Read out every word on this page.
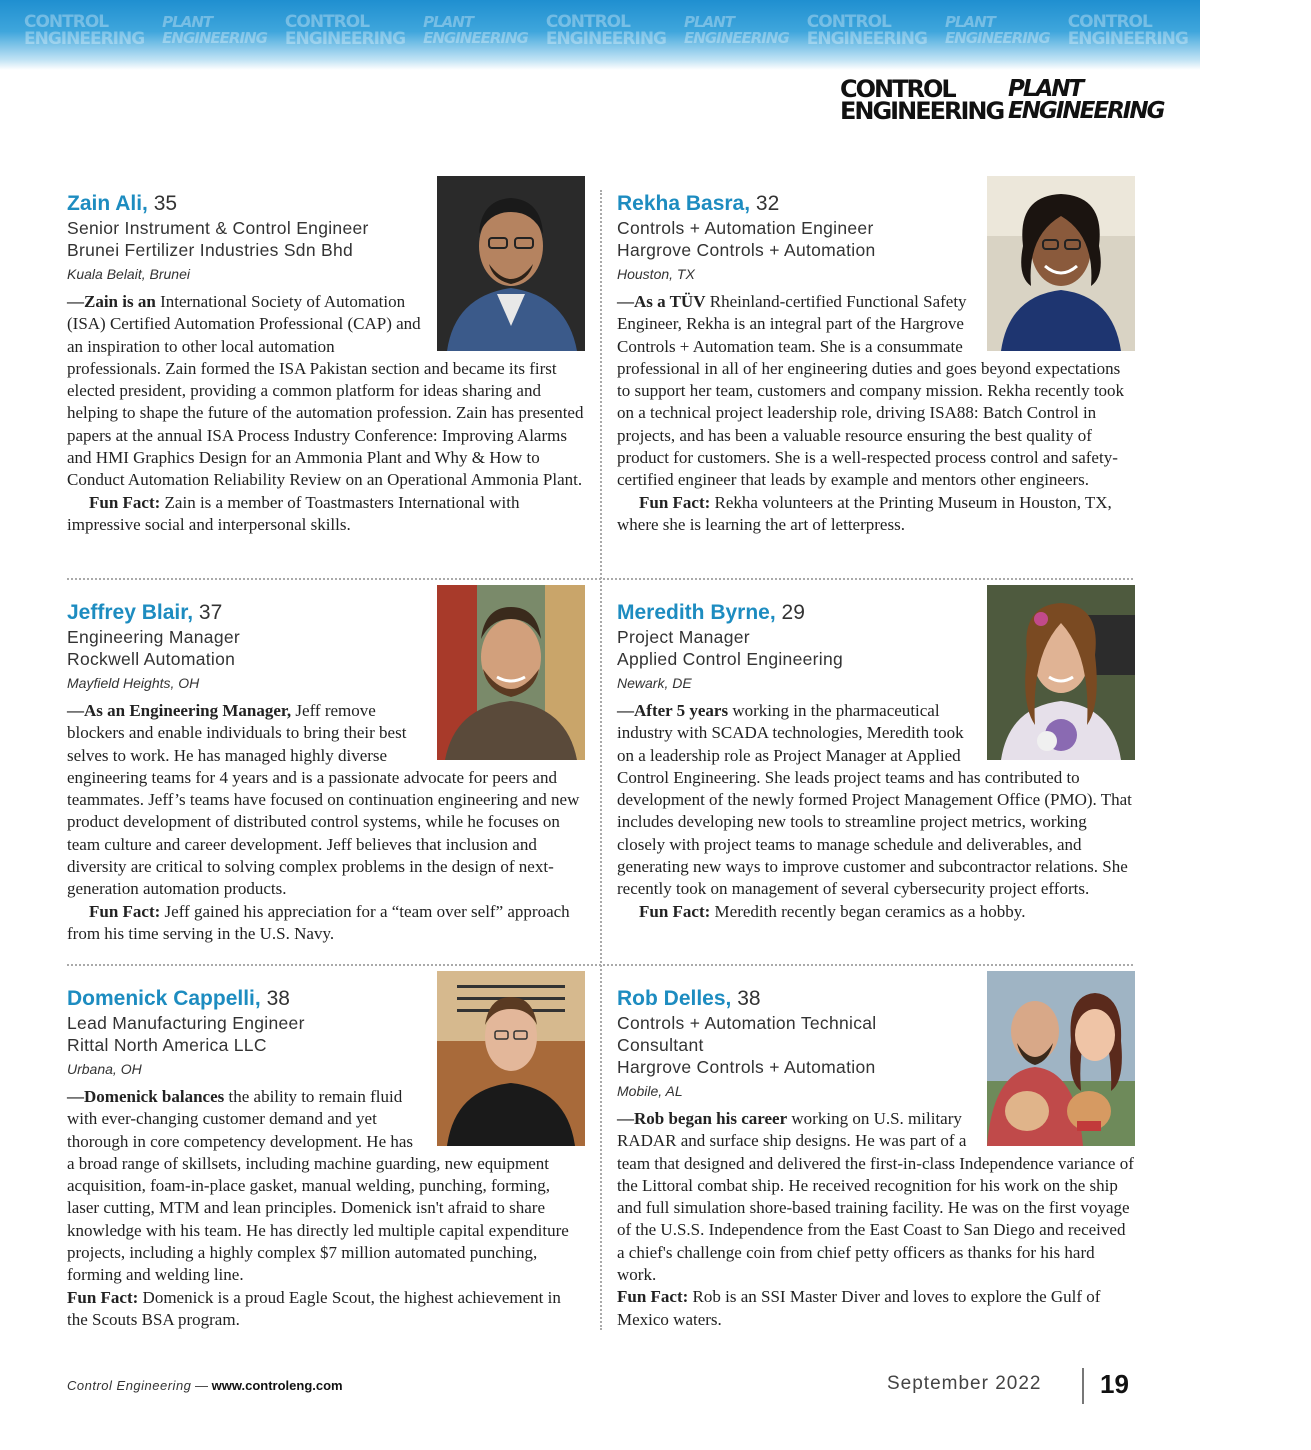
CONTROL
ENGINEERING
PLANT
ENGINEERING
CONTROL
ENGINEERING
PLANT
ENGINEERING
CONTROL
ENGINEERING
PLANT
ENGINEERING
CONTROL
ENGINEERING
PLANT
ENGINEERING
CONTROL
ENGINEERING
PLANT
ENGINEERING
CONTROL
ENGINEERING
PLANT
ENGINEERING

Zain Ali, 35

Senior Instrument & Control Engineer
Brunei Fertilizer Industries Sdn Bhd
Kuala Belait, Brunei

—Zain is an International Society of Automation (ISA) Certified Automation Professional (CAP) and an inspiration to other local automation professionals. Zain formed the ISA Pakistan section and became its first elected president, providing a common platform for ideas sharing and helping to shape the future of the automation profession. Zain has presented papers at the annual ISA Process Industry Conference: Improving Alarms and HMI Graphics Design for an Ammonia Plant and Why & How to Conduct Automation Reliability Review on an Operational Ammonia Plant.

Fun Fact: Zain is a member of Toastmasters International with impressive social and interpersonal skills.

Rekha Basra, 32

Controls + Automation Engineer
Hargrove Controls + Automation
Houston, TX

—As a TÜV Rheinland-certified Functional Safety Engineer, Rekha is an integral part of the Hargrove Controls + Automation team. She is a consummate professional in all of her engineering duties and goes beyond expectations to support her team, customers and company mission. Rekha recently took on a technical project leadership role, driving ISA88: Batch Control in projects, and has been a valuable resource ensuring the best quality of product for customers. She is a well-respected process control and safety-certified engineer that leads by example and mentors other engineers.

Fun Fact: Rekha volunteers at the Printing Museum in Houston, TX, where she is learning the art of letterpress.

Jeffrey Blair, 37

Engineering Manager
Rockwell Automation
Mayfield Heights, OH

—As an Engineering Manager, Jeff remove blockers and enable individuals to bring their best selves to work. He has managed highly diverse engineering teams for 4 years and is a passionate advocate for peers and teammates. Jeff’s teams have focused on continuation engineering and new product development of distributed control systems, while he focuses on team culture and career development. Jeff believes that inclusion and diversity are critical to solving complex problems in the design of next-generation automation products.

Fun Fact: Jeff gained his appreciation for a “team over self” approach from his time serving in the U.S. Navy.

Meredith Byrne, 29

Project Manager
Applied Control Engineering
Newark, DE

—After 5 years working in the pharmaceutical industry with SCADA technologies, Meredith took on a leadership role as Project Manager at Applied Control Engineering. She leads project teams and has contributed to development of the newly formed Project Management Office (PMO). That includes developing new tools to streamline project metrics, working closely with project teams to manage schedule and deliverables, and generating new ways to improve customer and subcontractor relations. She recently took on management of several cybersecurity project efforts.

Fun Fact: Meredith recently began ceramics as a hobby.

Domenick Cappelli, 38

Lead Manufacturing Engineer
Rittal North America LLC
Urbana, OH

—Domenick balances the ability to remain fluid with ever-changing customer demand and yet thorough in core competency development. He has a broad range of skillsets, including machine guarding, new equipment acquisition, foam-in-place gasket, manual welding, punching, forming, laser cutting, MTM and lean principles. Domenick isn't afraid to share knowledge with his team. He has directly led multiple capital expenditure projects, including a highly complex $7 million automated punching, forming and welding line.

Fun Fact: Domenick is a proud Eagle Scout, the highest achievement in the Scouts BSA program.

Rob Delles, 38

Controls + Automation Technical Consultant
Hargrove Controls + Automation
Mobile, AL

—Rob began his career working on U.S. military RADAR and surface ship designs. He was part of a team that designed and delivered the first-in-class Independence variance of the Littoral combat ship. He received recognition for his work on the ship and full simulation shore-based training facility. He was on the first voyage of the U.S.S. Independence from the East Coast to San Diego and received a chief's challenge coin from chief petty officers as thanks for his hard work.

Fun Fact: Rob is an SSI Master Diver and loves to explore the Gulf of Mexico waters.

Control Engineering — www.controleng.com	September 2022 19
